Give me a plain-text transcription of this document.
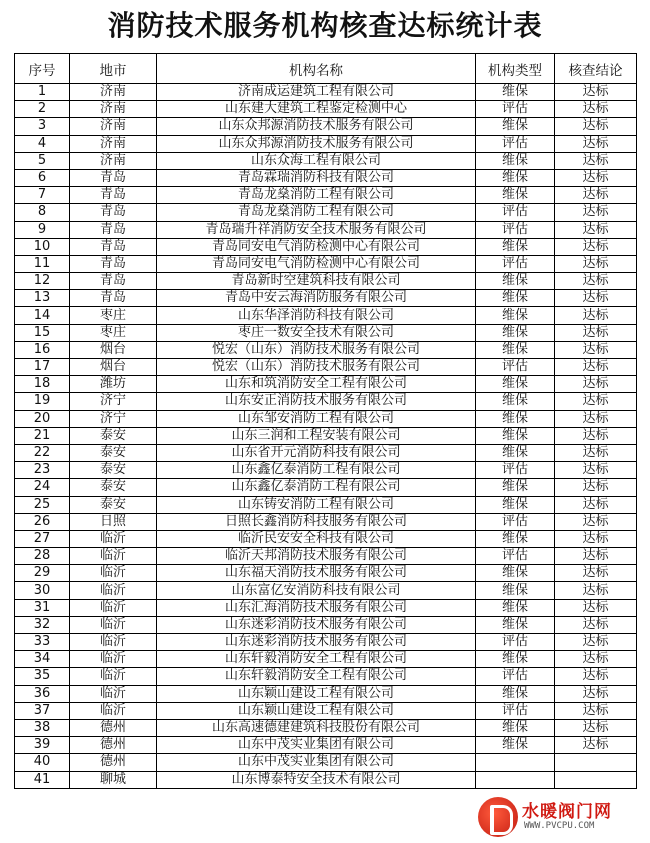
消防技术服务机构核查达标统计表
序号	地市	机构名称	机构类型	核查结论
1	济南	济南成运建筑工程有限公司	维保	达标
2	济南	山东建大建筑工程鉴定检测中心	评估	达标
3	济南	山东众邦源消防技术服务有限公司	维保	达标
4	济南	山东众邦源消防技术服务有限公司	评估	达标
5	济南	山东众海工程有限公司	维保	达标
6	青岛	青岛霖瑞消防科技有限公司	维保	达标
7	青岛	青岛龙燊消防工程有限公司	维保	达标
8	青岛	青岛龙燊消防工程有限公司	评估	达标
9	青岛	青岛瑞升祥消防安全技术服务有限公司	评估	达标
10	青岛	青岛同安电气消防检测中心有限公司	维保	达标
11	青岛	青岛同安电气消防检测中心有限公司	评估	达标
12	青岛	青岛新时空建筑科技有限公司	维保	达标
13	青岛	青岛中安云海消防服务有限公司	维保	达标
14	枣庄	山东华泽消防科技有限公司	维保	达标
15	枣庄	枣庄一数安全技术有限公司	维保	达标
16	烟台	悦宏（山东）消防技术服务有限公司	维保	达标
17	烟台	悦宏（山东）消防技术服务有限公司	评估	达标
18	潍坊	山东和筑消防安全工程有限公司	维保	达标
19	济宁	山东安正消防技术服务有限公司	维保	达标
20	济宁	山东邹安消防工程有限公司	维保	达标
21	泰安	山东三润和工程安装有限公司	维保	达标
22	泰安	山东省开元消防科技有限公司	维保	达标
23	泰安	山东鑫亿泰消防工程有限公司	评估	达标
24	泰安	山东鑫亿泰消防工程有限公司	维保	达标
25	泰安	山东铸安消防工程有限公司	维保	达标
26	日照	日照长鑫消防科技服务有限公司	评估	达标
27	临沂	临沂民安安全科技有限公司	维保	达标
28	临沂	临沂天邦消防技术服务有限公司	评估	达标
29	临沂	山东福天消防技术服务有限公司	维保	达标
30	临沂	山东富亿安消防科技有限公司	维保	达标
31	临沂	山东汇海消防技术服务有限公司	维保	达标
32	临沂	山东迷彩消防技术服务有限公司	维保	达标
33	临沂	山东迷彩消防技术服务有限公司	评估	达标
34	临沂	山东轩毅消防安全工程有限公司	维保	达标
35	临沂	山东轩毅消防安全工程有限公司	评估	达标
36	临沂	山东颖山建设工程有限公司	维保	达标
37	临沂	山东颖山建设工程有限公司	评估	达标
38	德州	山东高速德建建筑科技股份有限公司	维保	达标
39	德州	山东中茂实业集团有限公司	维保	达标
40	德州	山东中茂实业集团有限公司		
41	聊城	山东博泰特安全技术有限公司		
水暖阀门网
WWW.PVCPU.COM
